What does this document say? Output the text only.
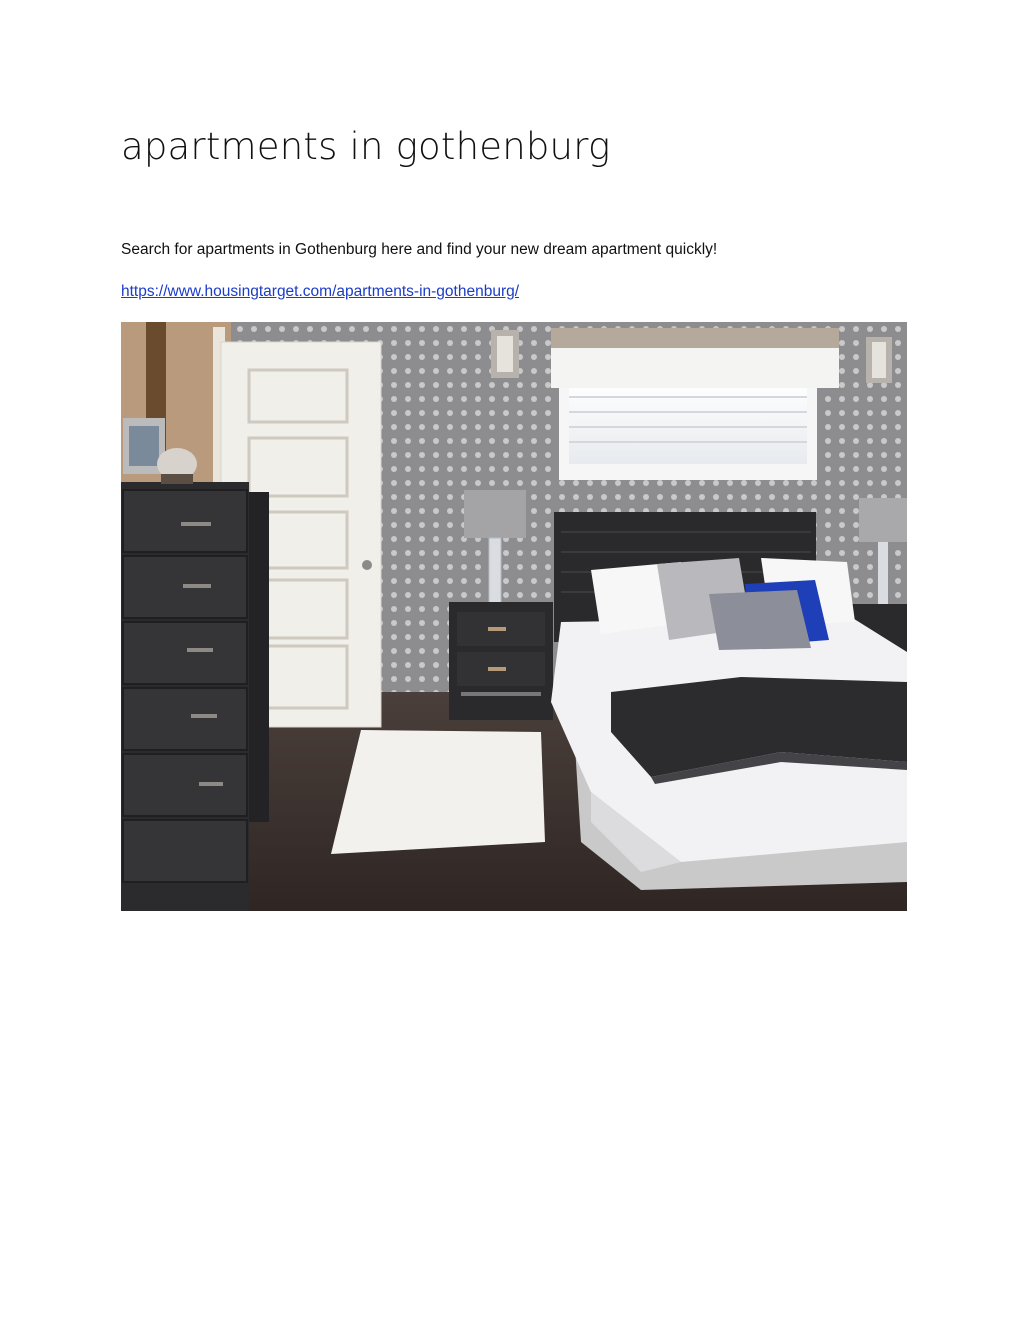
apartments in gothenburg

Search for apartments in Gothenburg here and find your new dream apartment quickly!

https://www.housingtarget.com/apartments-in-gothenburg/
